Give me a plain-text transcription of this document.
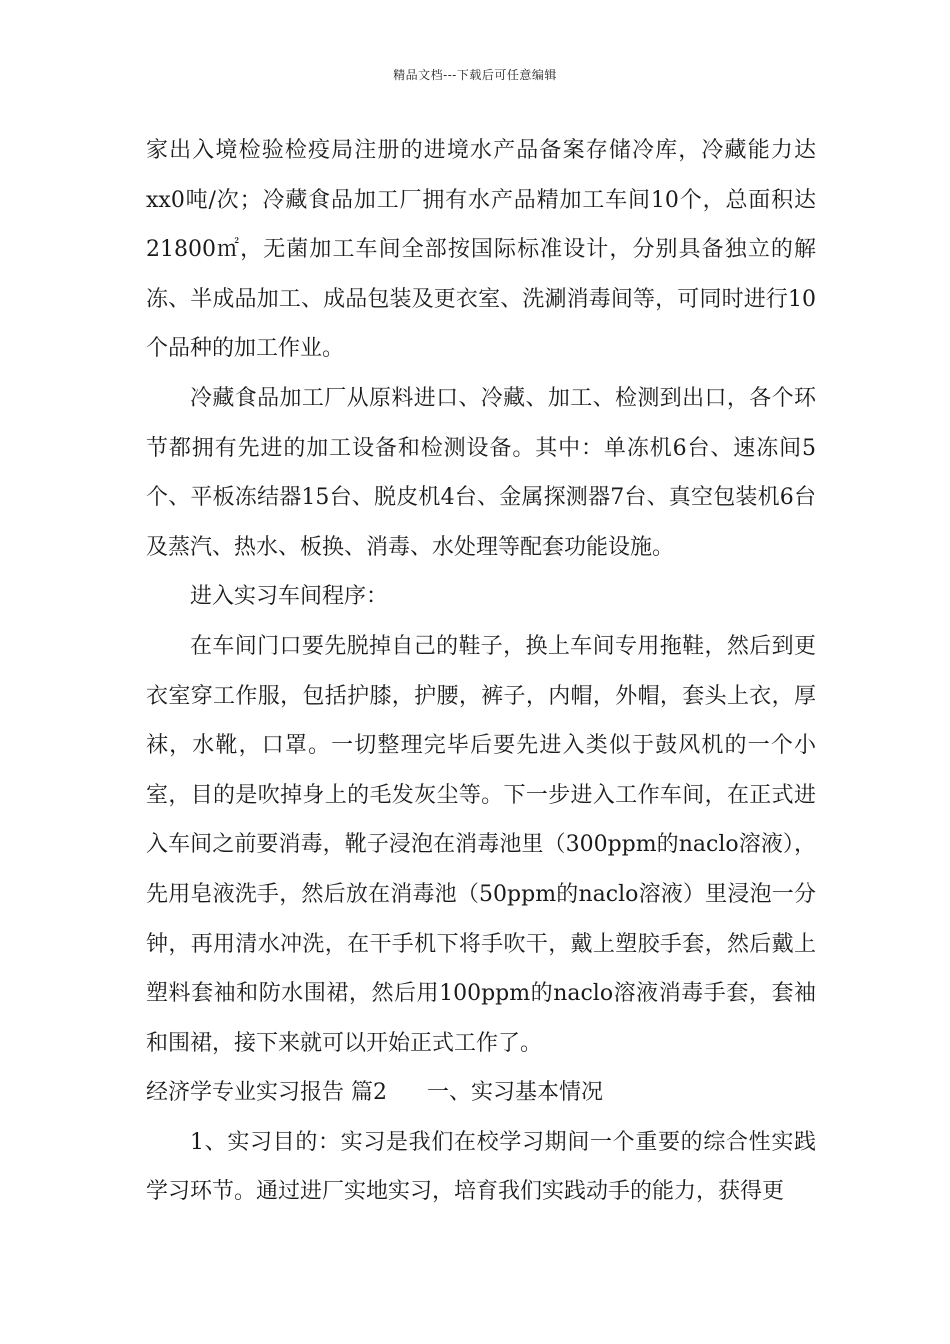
精品文档---下载后可任意编辑

家出入境检验检疫局注册的进境水产品备案存储冷库，冷藏能力达xx0吨/次；冷藏食品加工厂拥有水产品精加工车间10个，总面积达21800㎡，无菌加工车间全部按国际标准设计，分别具备独立的解冻、半成品加工、成品包装及更衣室、洗涮消毒间等，可同时进行10个品种的加工作业。

冷藏食品加工厂从原料进口、冷藏、加工、检测到出口，各个环节都拥有先进的加工设备和检测设备。其中：单冻机6台、速冻间5个、平板冻结器15台、脱皮机4台、金属探测器7台、真空包装机6台及蒸汽、热水、板换、消毒、水处理等配套功能设施。

进入实习车间程序：

在车间门口要先脱掉自己的鞋子，换上车间专用拖鞋，然后到更衣室穿工作服，包括护膝，护腰，裤子，内帽，外帽，套头上衣，厚袜，水靴，口罩。一切整理完毕后要先进入类似于鼓风机的一个小室，目的是吹掉身上的毛发灰尘等。下一步进入工作车间，在正式进入车间之前要消毒，靴子浸泡在消毒池里（300ppm的naclo溶液），先用皂液洗手，然后放在消毒池（50ppm的naclo溶液）里浸泡一分钟，再用清水冲洗，在干手机下将手吹干，戴上塑胶手套，然后戴上塑料套袖和防水围裙，然后用100ppm的naclo溶液消毒手套，套袖和围裙，接下来就可以开始正式工作了。

经济学专业实习报告 篇2 一、实习基本情况

1、实习目的：实习是我们在校学习期间一个重要的综合性实践学习环节。通过进厂实地实习，培育我们实践动手的能力，获得更
